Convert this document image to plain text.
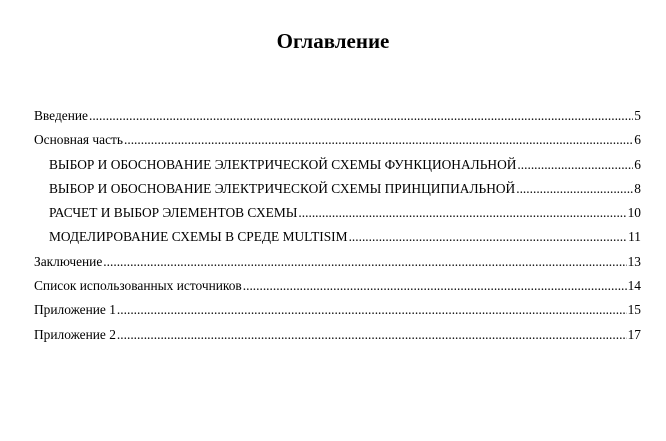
Оглавление
Введение .....	5
Основная часть .....	6
ВЫБОР И ОБОСНОВАНИЕ ЭЛЕКТРИЧЕСКОЙ СХЕМЫ ФУНКЦИОНАЛЬНОЙ .....	6
ВЫБОР И ОБОСНОВАНИЕ ЭЛЕКТРИЧЕСКОЙ СХЕМЫ ПРИНЦИПИАЛЬНОЙ .....	8
РАСЧЕТ И ВЫБОР ЭЛЕМЕНТОВ СХЕМЫ .....	10
МОДЕЛИРОВАНИЕ СХЕМЫ В СРЕДЕ MULTISIM .....	11
Заключение .....	13
Список использованных источников .....	14
Приложение 1 .....	15
Приложение 2 .....	17
